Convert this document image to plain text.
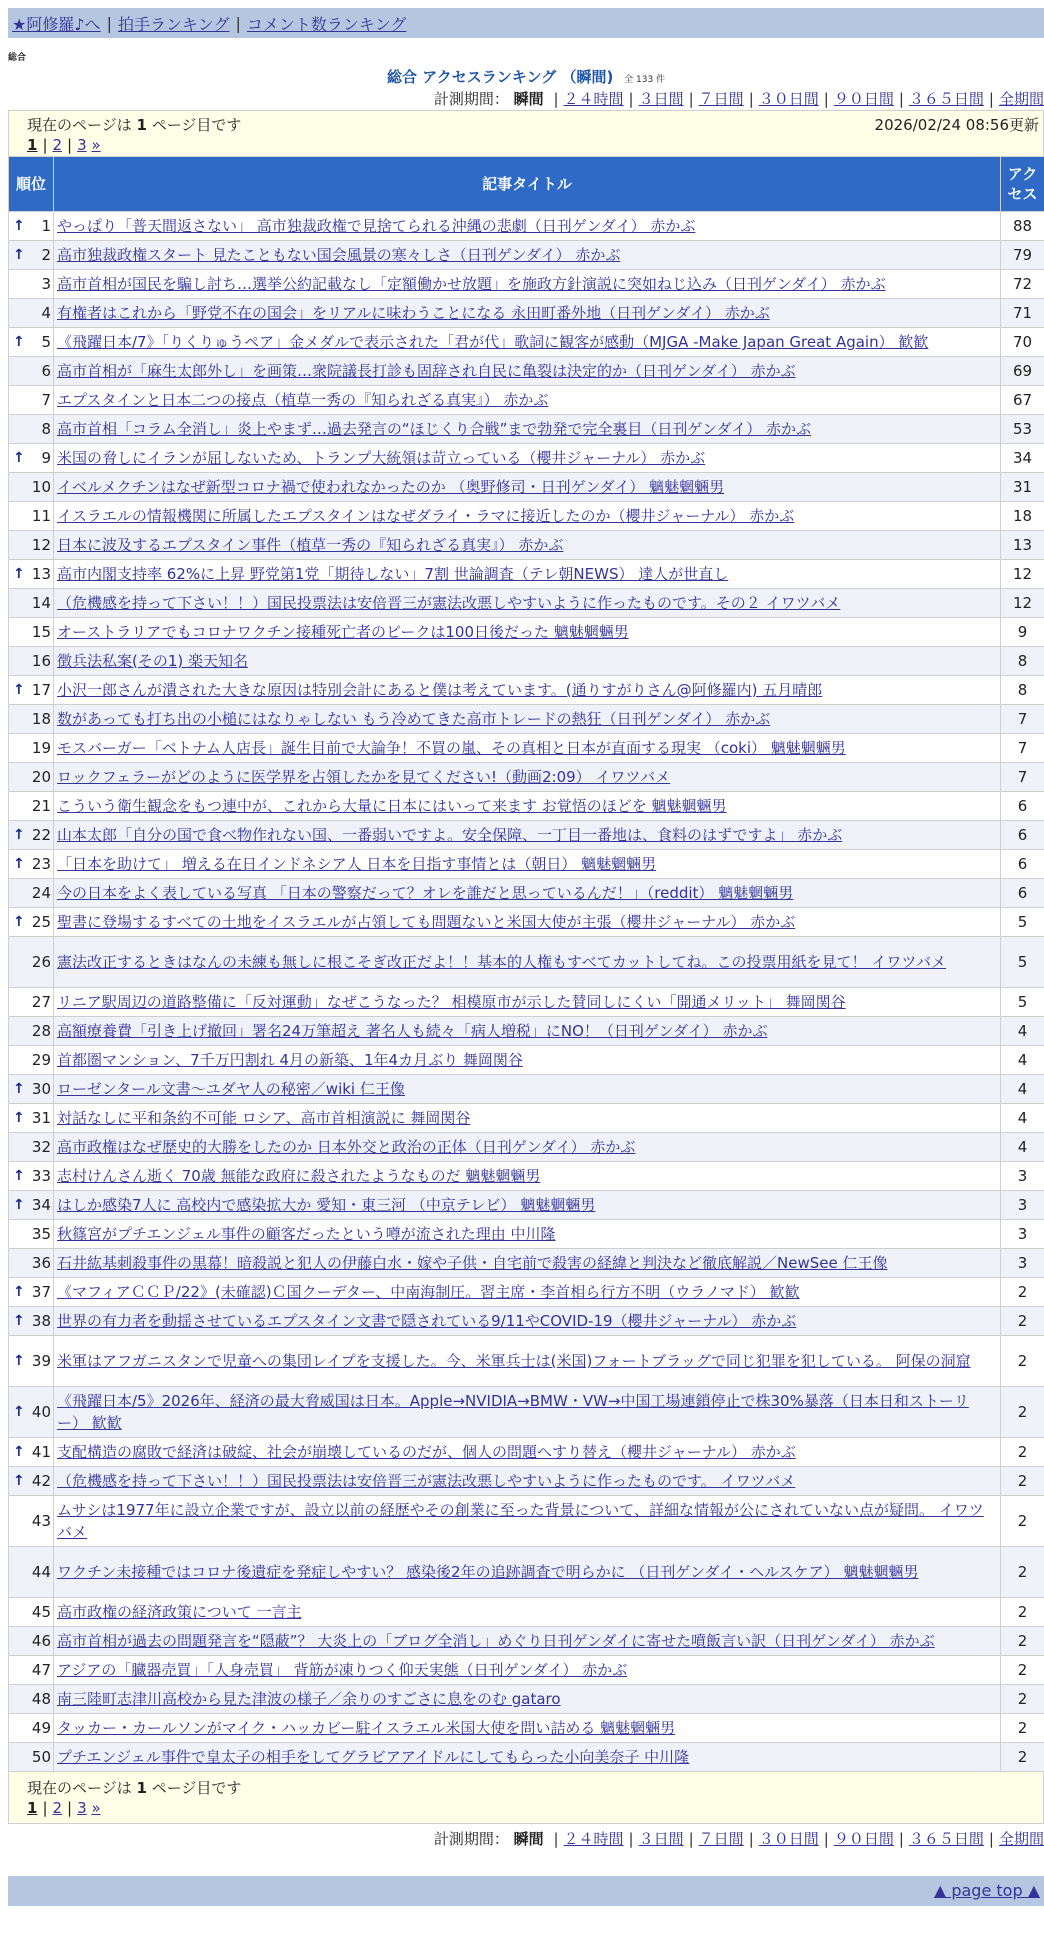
★阿修羅♪へ | 拍手ランキング | コメント数ランキング
総合
総合 アクセスランキング （瞬間) 全 133 件
計測期間： 瞬間 | ２４時間 | ３日間 | ７日間 | ３０日間 | ９０日間 | ３６５日間 | 全期間
現在のページは 1 ページ目です	2026/02/24 08:56更新
1 | 2 | 3 »
順位	記事タイトル	アクセス

↑ 1	やっぱり「普天間返さない」 高市独裁政権で見捨てられる沖縄の悲劇（日刊ゲンダイ） 赤かぶ	88

↑ 2	高市独裁政権スタート 見たこともない国会風景の寒々しさ（日刊ゲンダイ） 赤かぶ	79
3	高市首相が国民を騙し討ち…選挙公約記載なし「定額働かせ放題」を施政方針演説に突如ねじ込み（日刊ゲンダイ） 赤かぶ	72
4	有権者はこれから「野党不在の国会」をリアルに味わうことになる 永田町番外地（日刊ゲンダイ） 赤かぶ	71

↑ 5	《飛躍日本/7》「りくりゅうペア」金メダルで表示された「君が代」歌詞に観客が感動（MJGA -Make Japan Great Again） 歓歓	70
6	高市首相が「麻生太郎外し」を画策…衆院議長打診も固辞され自民に亀裂は決定的か（日刊ゲンダイ） 赤かぶ	69
7	エプスタインと日本二つの接点（植草一秀の『知られざる真実』） 赤かぶ	67
8	高市首相「コラム全消し」炎上やまず…過去発言の“ほじくり合戦”まで勃発で完全裏目（日刊ゲンダイ） 赤かぶ	53

↑ 9	米国の脅しにイランが屈しないため、トランプ大統領は苛立っている（櫻井ジャーナル） 赤かぶ	34
10	イベルメクチンはなぜ新型コロナ禍で使われなかったのか （奥野修司・日刊ゲンダイ） 魑魅魍魎男	31
11	イスラエルの情報機関に所属したエプスタインはなぜダライ・ラマに接近したのか（櫻井ジャーナル） 赤かぶ	18
12	日本に波及するエプスタイン事件（植草一秀の『知られざる真実』） 赤かぶ	13

↑ 13	高市内閣支持率 62%に上昇 野党第1党「期待しない」7割 世論調査（テレ朝NEWS） 達人が世直し	12
14	（危機感を持って下さい！！）国民投票法は安倍晋三が憲法改悪しやすいように作ったものです。その２ イワツバメ	12
15	オーストラリアでもコロナワクチン接種死亡者のピークは100日後だった 魑魅魍魎男	9
16	徴兵法私案(その1) 楽天知名	8

↑ 17	小沢一郎さんが潰された大きな原因は特別会計にあると僕は考えています。(通りすがりさん@阿修羅内) 五月晴郎	8
18	数があっても打ち出の小槌にはなりゃしない もう冷めてきた高市トレードの熱狂（日刊ゲンダイ） 赤かぶ	7
19	モスバーガー「ベトナム人店長」誕生目前で大論争！不買の嵐、その真相と日本が直面する現実 （coki） 魑魅魍魎男	7
20	ロックフェラーがどのように医学界を占領したかを見てください!（動画2:09） イワツバメ	7
21	こういう衛生観念をもつ連中が、これから大量に日本にはいって来ます お覚悟のほどを 魑魅魍魎男	6

↑ 22	山本太郎「自分の国で食べ物作れない国、一番弱いですよ。安全保障、一丁目一番地は、食料のはずですよ」 赤かぶ	6

↑ 23	「日本を助けて」 増える在日インドネシア人 日本を目指す事情とは（朝日） 魑魅魍魎男	6
24	今の日本をよく表している写真 「日本の警察だって？オレを誰だと思っているんだ！」（reddit） 魑魅魍魎男	6

↑ 25	聖書に登場するすべての土地をイスラエルが占領しても問題ないと米国大使が主張（櫻井ジャーナル） 赤かぶ	5
26	憲法改正するときはなんの未練も無しに根こそぎ改正だよ！！基本的人権もすべてカットしてね。この投票用紙を見て！ イワツバメ	5
27	リニア駅周辺の道路整備に「反対運動」なぜこうなった？ 相模原市が示した賛同しにくい「開通メリット」 舞岡関谷	5
28	高額療養費「引き上げ撤回」署名24万筆超え 著名人も続々「病人増税」にNO！（日刊ゲンダイ） 赤かぶ	4
29	首都圏マンション、7千万円割れ 4月の新築、1年4カ月ぶり 舞岡関谷	4

↑ 30	ローゼンタール文書～ユダヤ人の秘密／wiki 仁王像	4

↑ 31	対話なしに平和条約不可能 ロシア、高市首相演説に 舞岡関谷	4
32	高市政権はなぜ歴史的大勝をしたのか 日本外交と政治の正体（日刊ゲンダイ） 赤かぶ	4

↑ 33	志村けんさん逝く 70歳 無能な政府に殺されたようなものだ 魑魅魍魎男	3

↑ 34	はしか感染7人に 高校内で感染拡大か 愛知・東三河 （中京テレビ） 魑魅魍魎男	3
35	秋篠宮がプチエンジェル事件の顧客だったという噂が流された理由 中川隆	3
36	石井紘基刺殺事件の黒幕！暗殺説と犯人の伊藤白水・嫁や子供・自宅前で殺害の経緯と判決など徹底解説／NewSee 仁王像	3

↑ 37	《マフィアＣＣＰ/22》(未確認)Ｃ国クーデター、中南海制圧。習主席・李首相ら行方不明（ウラノマド） 歓歓	2

↑ 38	世界の有力者を動揺させているエプスタイン文書で隠されている9/11やCOVID-19（櫻井ジャーナル） 赤かぶ	2

↑ 39	米軍はアフガニスタンで児童への集団レイプを支援した。今、米軍兵士は(米国)フォートブラッグで同じ犯罪を犯している。 阿保の洞窟	2

↑ 40	《飛躍日本/5》2026年、経済の最大脅威国は日本。Apple→NVIDIA→BMW・VW→中国工場連鎖停止で株30%暴落（日本日和ストーリー） 歓歓	2

↑ 41	支配構造の腐敗で経済は破綻、社会が崩壊しているのだが、個人の問題へすり替え（櫻井ジャーナル） 赤かぶ	2

↑ 42	（危機感を持って下さい！！）国民投票法は安倍晋三が憲法改悪しやすいように作ったものです。 イワツバメ	2
43	ムサシは1977年に設立企業ですが、設立以前の経歴やその創業に至った背景について、詳細な情報が公にされていない点が疑問。 イワツバメ	2
44	ワクチン未接種ではコロナ後遺症を発症しやすい？ 感染後2年の追跡調査で明らかに （日刊ゲンダイ・ヘルスケア） 魑魅魍魎男	2
45	高市政権の経済政策について 一言主	2
46	高市首相が過去の問題発言を“隠蔽”？ 大炎上の「ブログ全消し」めぐり日刊ゲンダイに寄せた噴飯言い訳（日刊ゲンダイ） 赤かぶ	2
47	アジアの「臓器売買」「人身売買」 背筋が凍りつく仰天実態（日刊ゲンダイ） 赤かぶ	2
48	南三陸町志津川高校から見た津波の様子／余りのすごさに息をのむ gataro	2
49	タッカー・カールソンがマイク・ハッカビー駐イスラエル米国大使を問い詰める 魑魅魍魎男	2
50	プチエンジェル事件で皇太子の相手をしてグラビアアイドルにしてもらった小向美奈子 中川隆	2
現在のページは 1 ページ目です
1 | 2 | 3 »
計測期間： 瞬間 | ２４時間 | ３日間 | ７日間 | ３０日間 | ９０日間 | ３６５日間 | 全期間
▲ page top ▲
